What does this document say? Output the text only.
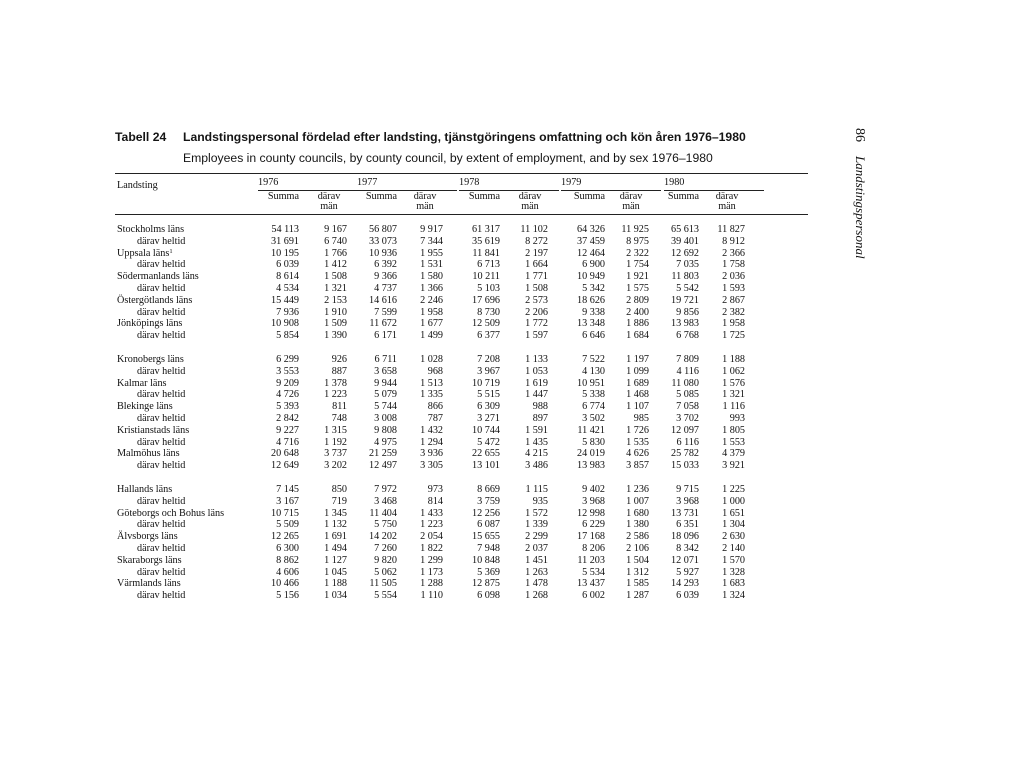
Tabell 24 Landstingspersonal fördelad efter landsting, tjänstgöringens omfattning och kön åren 1976–1980
Employees in county councils, by county council, by extent of employment, and by sex 1976–1980
86Landstingspersonal
Landsting	1976
Summa	därav
män
1977
Summa	därav
män
1978
Summa	därav
män
1979
Summa	därav
män
1980
Summa	därav
män
Stockholms läns	54 113	9 167	56 807	9 917	61 317	11 102	64 326	11 925	65 613	11 827
därav heltid	31 691	6 740	33 073	7 344	35 619	8 272	37 459	8 975	39 401	8 912
Uppsala läns$^1$	10 195	1 766	10 936	1 955	11 841	2 197	12 464	2 322	12 692	2 366
därav heltid	6 039	1 412	6 392	1 531	6 713	1 664	6 900	1 754	7 035	1 758
Södermanlands läns	8 614	1 508	9 366	1 580	10 211	1 771	10 949	1 921	11 803	2 036
därav heltid	4 534	1 321	4 737	1 366	5 103	1 508	5 342	1 575	5 542	1 593
Östergötlands läns	15 449	2 153	14 616	2 246	17 696	2 573	18 626	2 809	19 721	2 867
därav heltid	7 936	1 910	7 599	1 958	8 730	2 206	9 338	2 400	9 856	2 382
Jönköpings läns	10 908	1 509	11 672	1 677	12 509	1 772	13 348	1 886	13 983	1 958
därav heltid	5 854	1 390	6 171	1 499	6 377	1 597	6 646	1 684	6 768	1 725
Kronobergs läns	6 299	926	6 711	1 028	7 208	1 133	7 522	1 197	7 809	1 188
därav heltid	3 553	887	3 658	968	3 967	1 053	4 130	1 099	4 116	1 062
Kalmar läns	9 209	1 378	9 944	1 513	10 719	1 619	10 951	1 689	11 080	1 576
därav heltid	4 726	1 223	5 079	1 335	5 515	1 447	5 338	1 468	5 085	1 321
Blekinge läns	5 393	811	5 744	866	6 309	988	6 774	1 107	7 058	1 116
därav heltid	2 842	748	3 008	787	3 271	897	3 502	985	3 702	993
Kristianstads läns	9 227	1 315	9 808	1 432	10 744	1 591	11 421	1 726	12 097	1 805
därav heltid	4 716	1 192	4 975	1 294	5 472	1 435	5 830	1 535	6 116	1 553
Malmöhus läns	20 648	3 737	21 259	3 936	22 655	4 215	24 019	4 626	25 782	4 379
därav heltid	12 649	3 202	12 497	3 305	13 101	3 486	13 983	3 857	15 033	3 921
Hallands läns	7 145	850	7 972	973	8 669	1 115	9 402	1 236	9 715	1 225
därav heltid	3 167	719	3 468	814	3 759	935	3 968	1 007	3 968	1 000
Göteborgs och Bohus läns	10 715	1 345	11 404	1 433	12 256	1 572	12 998	1 680	13 731	1 651
därav heltid	5 509	1 132	5 750	1 223	6 087	1 339	6 229	1 380	6 351	1 304
Älvsborgs läns	12 265	1 691	14 202	2 054	15 655	2 299	17 168	2 586	18 096	2 630
därav heltid	6 300	1 494	7 260	1 822	7 948	2 037	8 206	2 106	8 342	2 140
Skaraborgs läns	8 862	1 127	9 820	1 299	10 848	1 451	11 203	1 504	12 071	1 570
därav heltid	4 606	1 045	5 062	1 173	5 369	1 263	5 534	1 312	5 927	1 328
Värmlands läns	10 466	1 188	11 505	1 288	12 875	1 478	13 437	1 585	14 293	1 683
därav heltid	5 156	1 034	5 554	1 110	6 098	1 268	6 002	1 287	6 039	1 324
